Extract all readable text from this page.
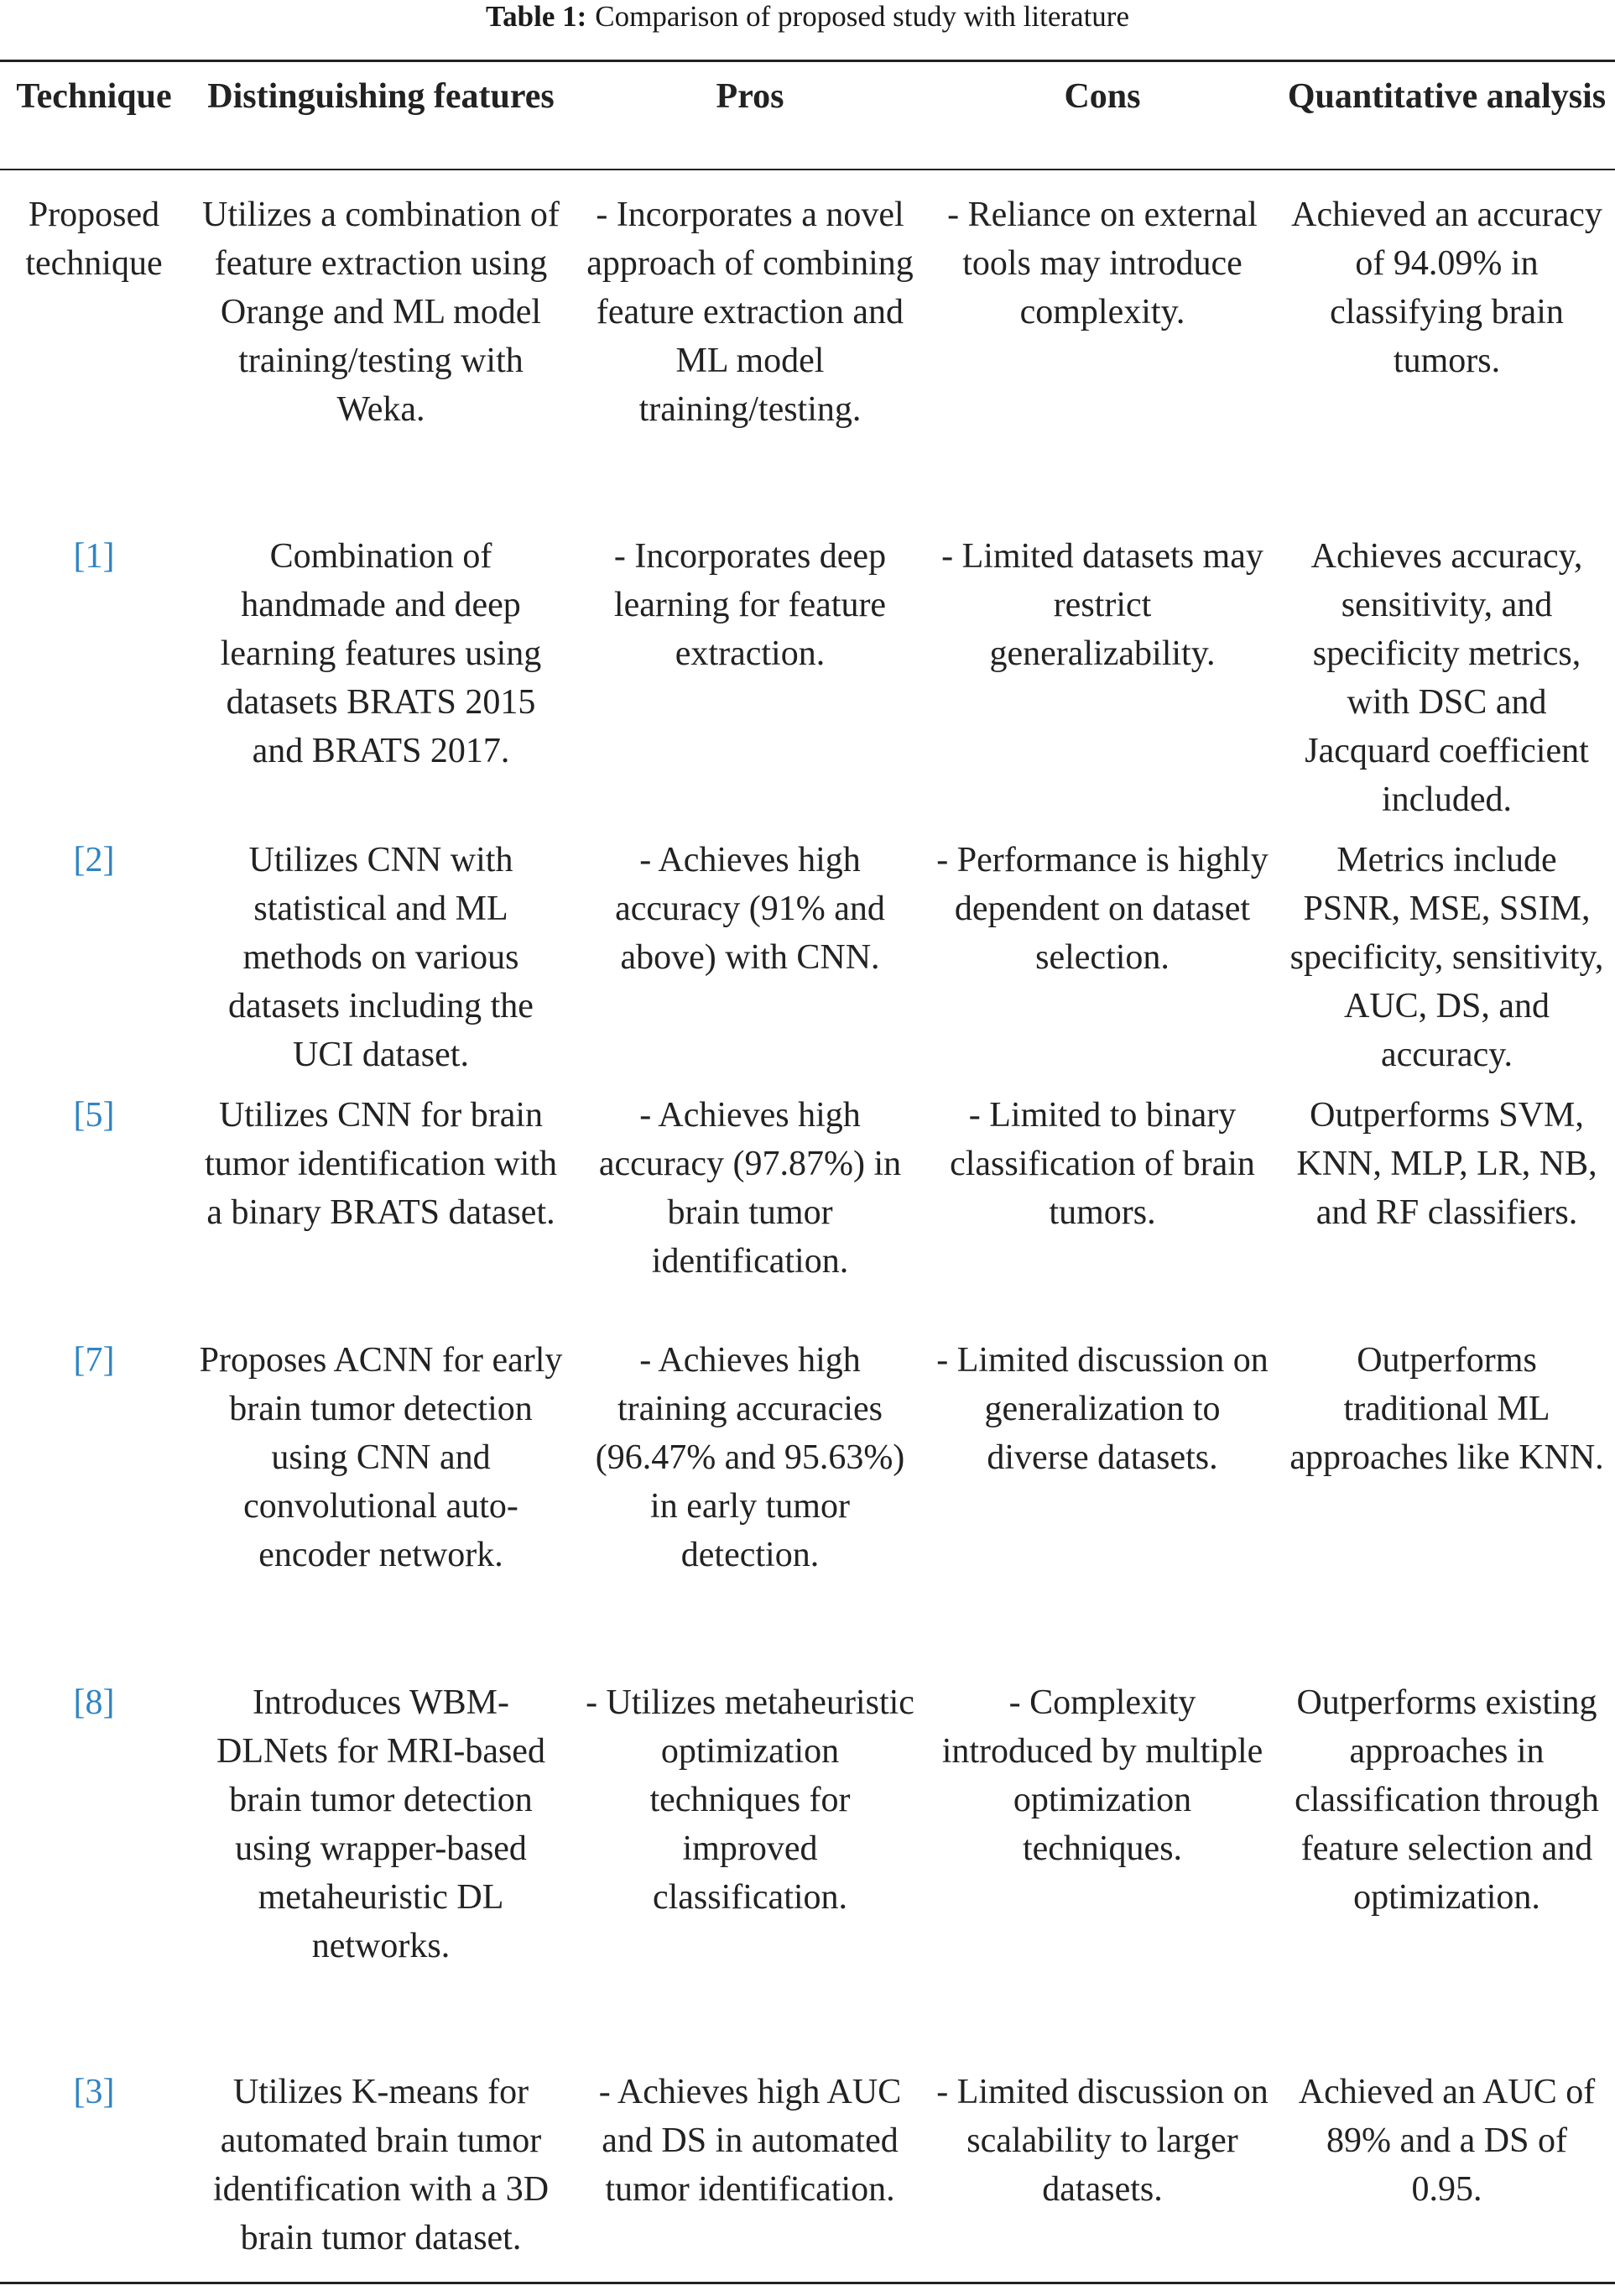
Table 1: Comparison of proposed study with literature
Technique	Distinguishing features	Pros	Cons	Quantitative analysis
Proposed technique	Utilizes a combination of feature extraction using Orange and ML model training/testing with Weka.	- Incorporates a novel approach of combining feature extraction and ML model training/testing.	- Reliance on external tools may introduce complexity.	Achieved an accuracy of 94.09% in classifying brain tumors.
[1]	Combination of handmade and deep learning features using datasets BRATS 2015 and BRATS 2017.	- Incorporates deep learning for feature extraction.	- Limited datasets may restrict generalizability.	Achieves accuracy, sensitivity, and specificity metrics, with DSC and Jacquard coefficient included.
[2]	Utilizes CNN with statistical and ML methods on various datasets including the UCI dataset.	- Achieves high accuracy (91% and above) with CNN.	- Performance is highly dependent on dataset selection.	Metrics include PSNR, MSE, SSIM, specificity, sensitivity, AUC, DS, and accuracy.
[5]	Utilizes CNN for brain tumor identification with a binary BRATS dataset.	- Achieves high accuracy (97.87%) in brain tumor identification.	- Limited to binary classification of brain tumors.	Outperforms SVM, KNN, MLP, LR, NB, and RF classifiers.
[7]	Proposes ACNN for early brain tumor detection using CNN and convolutional auto-encoder network.	- Achieves high training accuracies (96.47% and 95.63%) in early tumor detection.	- Limited discussion on generalization to diverse datasets.	Outperforms traditional ML approaches like KNN.
[8]	Introduces WBM-DLNets for MRI-based brain tumor detection using wrapper-based metaheuristic DL networks.	- Utilizes metaheuristic optimization techniques for improved classification.	- Complexity introduced by multiple optimization techniques.	Outperforms existing approaches in classification through feature selection and optimization.
[3]	Utilizes K-means for automated brain tumor identification with a 3D brain tumor dataset.	- Achieves high AUC and DS in automated tumor identification.	- Limited discussion on scalability to larger datasets.	Achieved an AUC of 89% and a DS of 0.95.
